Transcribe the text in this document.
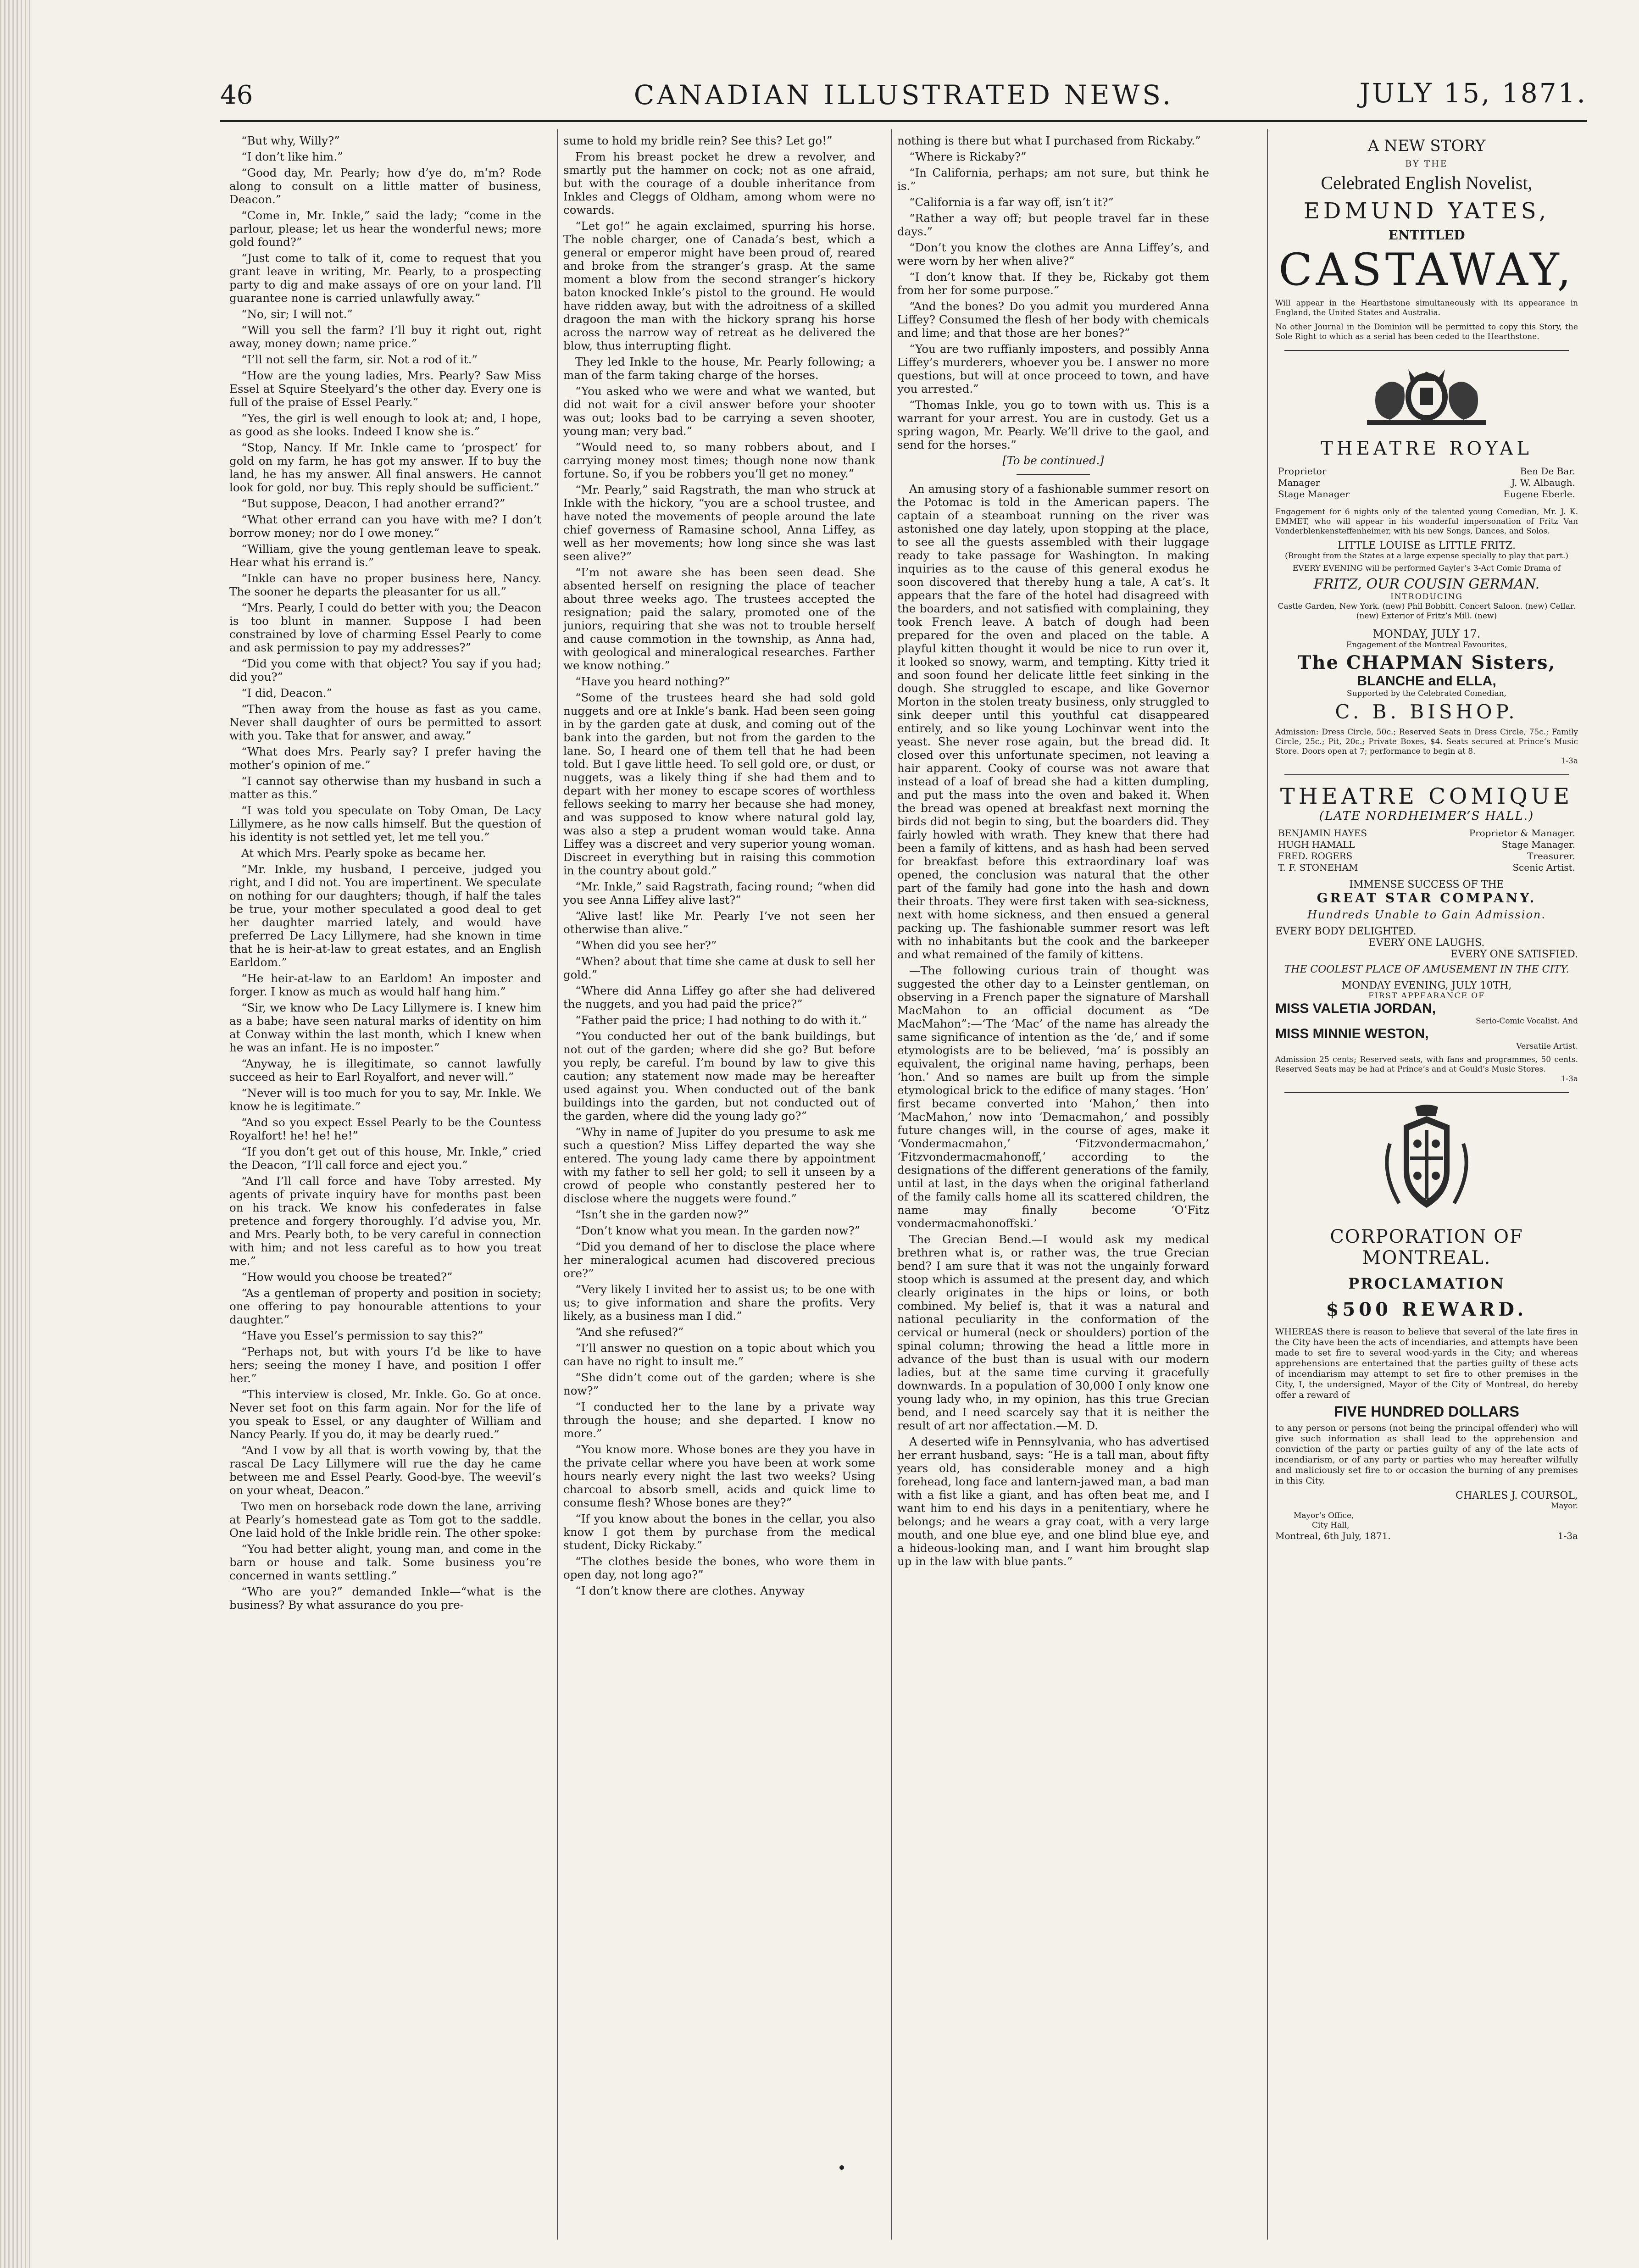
46	CANADIAN ILLUSTRATED NEWS.	JULY 15, 1871.

“But why, Willy?”

“I don’t like him.”

“Good day, Mr. Pearly; how d’ye do, m’m? Rode along to consult on a little matter of business, Deacon.”

“Come in, Mr. Inkle,” said the lady; “come in the parlour, please; let us hear the wonderful news; more gold found?”

“Just come to talk of it, come to request that you grant leave in writing, Mr. Pearly, to a prospecting party to dig and make assays of ore on your land. I’ll guarantee none is carried unlawfully away.”

“No, sir; I will not.”

“Will you sell the farm? I’ll buy it right out, right away, money down; name price.”

“I’ll not sell the farm, sir. Not a rod of it.”

“How are the young ladies, Mrs. Pearly? Saw Miss Essel at Squire Steelyard’s the other day. Every one is full of the praise of Essel Pearly.”

“Yes, the girl is well enough to look at; and, I hope, as good as she looks. Indeed I know she is.”

“Stop, Nancy. If Mr. Inkle came to ‘prospect’ for gold on my farm, he has got my answer. If to buy the land, he has my answer. All final answers. He cannot look for gold, nor buy. This reply should be sufficient.”

“But suppose, Deacon, I had another errand?”

“What other errand can you have with me? I don’t borrow money; nor do I owe money.”

“William, give the young gentleman leave to speak. Hear what his errand is.”

“Inkle can have no proper business here, Nancy. The sooner he departs the pleasanter for us all.”

“Mrs. Pearly, I could do better with you; the Deacon is too blunt in manner. Suppose I had been constrained by love of charming Essel Pearly to come and ask permission to pay my addresses?”

“Did you come with that object? You say if you had; did you?”

“I did, Deacon.”

“Then away from the house as fast as you came. Never shall daughter of ours be permitted to assort with you. Take that for answer, and away.”

“What does Mrs. Pearly say? I prefer having the mother’s opinion of me.”

“I cannot say otherwise than my husband in such a matter as this.”

“I was told you speculate on Toby Oman, De Lacy Lillymere, as he now calls himself. But the question of his identity is not settled yet, let me tell you.”

At which Mrs. Pearly spoke as became her.

“Mr. Inkle, my husband, I perceive, judged you right, and I did not. You are impertinent. We speculate on nothing for our daughters; though, if half the tales be true, your mother speculated a good deal to get her daughter married lately, and would have preferred De Lacy Lillymere, had she known in time that he is heir-at-law to great estates, and an English Earldom.”

“He heir-at-law to an Earldom! An imposter and forger. I know as much as would half hang him.”

“Sir, we know who De Lacy Lillymere is. I knew him as a babe; have seen natural marks of identity on him at Conway within the last month, which I knew when he was an infant. He is no imposter.”

“Anyway, he is illegitimate, so cannot lawfully succeed as heir to Earl Royalfort, and never will.”

“Never will is too much for you to say, Mr. Inkle. We know he is legitimate.”

“And so you expect Essel Pearly to be the Countess Royalfort! he! he! he!”

“If you don’t get out of this house, Mr. Inkle,” cried the Deacon, “I’ll call force and eject you.”

“And I’ll call force and have Toby arrested. My agents of private inquiry have for months past been on his track. We know his confederates in false pretence and forgery thoroughly. I’d advise you, Mr. and Mrs. Pearly both, to be very careful in connection with him; and not less careful as to how you treat me.”

“How would you choose be treated?”

“As a gentleman of property and position in society; one offering to pay honourable attentions to your daughter.”

“Have you Essel’s permission to say this?”

“Perhaps not, but with yours I’d be like to have hers; seeing the money I have, and position I offer her.”

“This interview is closed, Mr. Inkle. Go. Go at once. Never set foot on this farm again. Nor for the life of you speak to Essel, or any daughter of William and Nancy Pearly. If you do, it may be dearly rued.”

“And I vow by all that is worth vowing by, that the rascal De Lacy Lillymere will rue the day he came between me and Essel Pearly. Good-bye. The weevil’s on your wheat, Deacon.”

Two men on horseback rode down the lane, arriving at Pearly’s homestead gate as Tom got to the saddle. One laid hold of the Inkle bridle rein. The other spoke:

“You had better alight, young man, and come in the barn or house and talk. Some business you’re concerned in wants settling.”

“Who are you?” demanded Inkle—“what is the business? By what assurance do you pre-

sume to hold my bridle rein? See this? Let go!”

From his breast pocket he drew a revolver, and smartly put the hammer on cock; not as one afraid, but with the courage of a double inheritance from Inkles and Cleggs of Oldham, among whom were no cowards.

“Let go!” he again exclaimed, spurring his horse. The noble charger, one of Canada’s best, which a general or emperor might have been proud of, reared and broke from the stranger’s grasp. At the same moment a blow from the second stranger’s hickory baton knocked Inkle’s pistol to the ground. He would have ridden away, but with the adroitness of a skilled dragoon the man with the hickory sprang his horse across the narrow way of retreat as he delivered the blow, thus interrupting flight.

They led Inkle to the house, Mr. Pearly following; a man of the farm taking charge of the horses.

“You asked who we were and what we wanted, but did not wait for a civil answer before your shooter was out; looks bad to be carrying a seven shooter, young man; very bad.”

“Would need to, so many robbers about, and I carrying money most times; though none now thank fortune. So, if you be robbers you’ll get no money.”

“Mr. Pearly,” said Ragstrath, the man who struck at Inkle with the hickory, “you are a school trustee, and have noted the movements of people around the late chief governess of Ramasine school, Anna Liffey, as well as her movements; how long since she was last seen alive?”

“I’m not aware she has been seen dead. She absented herself on resigning the place of teacher about three weeks ago. The trustees accepted the resignation; paid the salary, promoted one of the juniors, requiring that she was not to trouble herself and cause commotion in the township, as Anna had, with geological and mineralogical researches. Farther we know nothing.”

“Have you heard nothing?”

“Some of the trustees heard she had sold gold nuggets and ore at Inkle’s bank. Had been seen going in by the garden gate at dusk, and coming out of the bank into the garden, but not from the garden to the lane. So, I heard one of them tell that he had been told. But I gave little heed. To sell gold ore, or dust, or nuggets, was a likely thing if she had them and to depart with her money to escape scores of worthless fellows seeking to marry her because she had money, and was supposed to know where natural gold lay, was also a step a prudent woman would take. Anna Liffey was a discreet and very superior young woman. Discreet in everything but in raising this commotion in the country about gold.”

“Mr. Inkle,” said Ragstrath, facing round; “when did you see Anna Liffey alive last?”

“Alive last! like Mr. Pearly I’ve not seen her otherwise than alive.”

“When did you see her?”

“When? about that time she came at dusk to sell her gold.”

“Where did Anna Liffey go after she had delivered the nuggets, and you had paid the price?”

“Father paid the price; I had nothing to do with it.”

“You conducted her out of the bank buildings, but not out of the garden; where did she go? But before you reply, be careful. I’m bound by law to give this caution; any statement now made may be hereafter used against you. When conducted out of the bank buildings into the garden, but not conducted out of the garden, where did the young lady go?”

“Why in name of Jupiter do you presume to ask me such a question? Miss Liffey departed the way she entered. The young lady came there by appointment with my father to sell her gold; to sell it unseen by a crowd of people who constantly pestered her to disclose where the nuggets were found.”

“Isn’t she in the garden now?”

“Don’t know what you mean. In the garden now?”

“Did you demand of her to disclose the place where her mineralogical acumen had discovered precious ore?”

“Very likely I invited her to assist us; to be one with us; to give information and share the profits. Very likely, as a business man I did.”

“And she refused?”

“I’ll answer no question on a topic about which you can have no right to insult me.”

“She didn’t come out of the garden; where is she now?”

“I conducted her to the lane by a private way through the house; and she departed. I know no more.”

“You know more. Whose bones are they you have in the private cellar where you have been at work some hours nearly every night the last two weeks? Using charcoal to absorb smell, acids and quick lime to consume flesh? Whose bones are they?”

“If you know about the bones in the cellar, you also know I got them by purchase from the medical student, Dicky Rickaby.”

“The clothes beside the bones, who wore them in open day, not long ago?”

“I don’t know there are clothes. Anyway

nothing is there but what I purchased from Rickaby.”

“Where is Rickaby?”

“In California, perhaps; am not sure, but think he is.”

“California is a far way off, isn’t it?”

“Rather a way off; but people travel far in these days.”

“Don’t you know the clothes are Anna Liffey’s, and were worn by her when alive?”

“I don’t know that. If they be, Rickaby got them from her for some purpose.”

“And the bones? Do you admit you murdered Anna Liffey? Consumed the flesh of her body with chemicals and lime; and that those are her bones?”

“You are two ruffianly imposters, and possibly Anna Liffey’s murderers, whoever you be. I answer no more questions, but will at once proceed to town, and have you arrested.”

“Thomas Inkle, you go to town with us. This is a warrant for your arrest. You are in custody. Get us a spring wagon, Mr. Pearly. We’ll drive to the gaol, and send for the horses.”

[To be continued.]

An amusing story of a fashionable summer resort on the Potomac is told in the American papers. The captain of a steamboat running on the river was astonished one day lately, upon stopping at the place, to see all the guests assembled with their luggage ready to take passage for Washington. In making inquiries as to the cause of this general exodus he soon discovered that thereby hung a tale, A cat’s. It appears that the fare of the hotel had disagreed with the boarders, and not satisfied with complaining, they took French leave. A batch of dough had been prepared for the oven and placed on the table. A playful kitten thought it would be nice to run over it, it looked so snowy, warm, and tempting. Kitty tried it and soon found her delicate little feet sinking in the dough. She struggled to escape, and like Governor Morton in the stolen treaty business, only struggled to sink deeper until this youthful cat disappeared entirely, and so like young Lochinvar went into the yeast. She never rose again, but the bread did. It closed over this unfortunate specimen, not leaving a hair apparent. Cooky of course was not aware that instead of a loaf of bread she had a kitten dumpling, and put the mass into the oven and baked it. When the bread was opened at breakfast next morning the birds did not begin to sing, but the boarders did. They fairly howled with wrath. They knew that there had been a family of kittens, and as hash had been served for breakfast before this extraordinary loaf was opened, the conclusion was natural that the other part of the family had gone into the hash and down their throats. They were first taken with sea-sickness, next with home sickness, and then ensued a general packing up. The fashionable summer resort was left with no inhabitants but the cook and the barkeeper and what remained of the family of kittens.

—The following curious train of thought was suggested the other day to a Leinster gentleman, on observing in a French paper the signature of Marshall MacMahon to an official document as “De MacMahon”:—‘The ‘Mac’ of the name has already the same significance of intention as the ‘de,’ and if some etymologists are to be believed, ‘ma’ is possibly an equivalent, the original name having, perhaps, been ‘hon.’ And so names are built up from the simple etymological brick to the edifice of many stages. ‘Hon’ first became converted into ‘Mahon,’ then into ‘MacMahon,’ now into ‘Demacmahon,’ and possibly future changes will, in the course of ages, make it ‘Vondermacmahon,’ ‘Fitzvondermacmahon,’ ‘Fitzvondermacmahonoff,’ according to the designations of the different generations of the family, until at last, in the days when the original fatherland of the family calls home all its scattered children, the name may finally become ‘O’Fitz vondermacmahonoffski.’

The Grecian Bend.—I would ask my medical brethren what is, or rather was, the true Grecian bend? I am sure that it was not the ungainly forward stoop which is assumed at the present day, and which clearly originates in the hips or loins, or both combined. My belief is, that it was a natural and national peculiarity in the conformation of the cervical or humeral (neck or shoulders) portion of the spinal column; throwing the head a little more in advance of the bust than is usual with our modern ladies, but at the same time curving it gracefully downwards. In a population of 30,000 I only know one young lady who, in my opinion, has this true Grecian bend, and I need scarcely say that it is neither the result of art nor affectation.—M. D.

A deserted wife in Pennsylvania, who has advertised her errant husband, says: “He is a tall man, about fifty years old, has considerable money and a high forehead, long face and lantern-jawed man, a bad man with a fist like a giant, and has often beat me, and I want him to end his days in a penitentiary, where he belongs; and he wears a gray coat, with a very large mouth, and one blue eye, and one blind blue eye, and a hideous-looking man, and I want him brought slap up in the law with blue pants.”

A NEW STORY

BY THE

Celebrated English Novelist,

EDMUND YATES,

ENTITLED

CASTAWAY,

Will appear in the Hearthstone simultaneously with its appearance in England, the United States and Australia.

No other Journal in the Dominion will be permitted to copy this Story, the Sole Right to which as a serial has been ceded to the Hearthstone.

THEATRE ROYAL

Proprietor	Ben De Bar.
Manager	J. W. Albaugh.
Stage Manager	Eugene Eberle.

Engagement for 6 nights only of the talented young Comedian, Mr. J. K. EMMET, who will appear in his wonderful impersonation of Fritz Van Vonderblenkensteffenheimer, with his new Songs, Dances, and Solos.

LITTLE LOUISE as LITTLE FRITZ.

(Brought from the States at a large expense specially to play that part.)

EVERY EVENING will be performed Gayler’s 3-Act Comic Drama of

FRITZ, OUR COUSIN GERMAN.

INTRODUCING

Castle Garden, New York. (new) Phil Bobbitt. Concert Saloon. (new) Cellar. (new) Exterior of Fritz’s Mill. (new)

MONDAY, JULY 17.

Engagement of the Montreal Favourites,

The CHAPMAN Sisters,

BLANCHE and ELLA,

Supported by the Celebrated Comedian,

C. B. BISHOP.

Admission: Dress Circle, 50c.; Reserved Seats in Dress Circle, 75c.; Family Circle, 25c.; Pit, 20c.; Private Boxes, $4. Seats secured at Prince’s Music Store. Doors open at 7; performance to begin at 8.

1-3a

THEATRE COMIQUE

(LATE NORDHEIMER’S HALL.)

BENJAMIN HAYES	Proprietor & Manager.
HUGH HAMALL	Stage Manager.
FRED. ROGERS	Treasurer.
T. F. STONEHAM	Scenic Artist.

IMMENSE SUCCESS OF THE

GREAT STAR COMPANY.

Hundreds Unable to Gain Admission.

EVERY BODY DELIGHTED.

EVERY ONE LAUGHS.

EVERY ONE SATISFIED.

THE COOLEST PLACE OF AMUSEMENT IN THE CITY.

MONDAY EVENING, JULY 10TH,

FIRST APPEARANCE OF

MISS VALETIA JORDAN,

Serio-Comic Vocalist. And

MISS MINNIE WESTON,

Versatile Artist.

Admission 25 cents; Reserved seats, with fans and programmes, 50 cents. Reserved Seats may be had at Prince’s and at Gould’s Music Stores.

1-3a

CORPORATION OF MONTREAL.

PROCLAMATION

$500 REWARD.

WHEREAS there is reason to believe that several of the late fires in the City have been the acts of incendiaries, and attempts have been made to set fire to several wood-yards in the City; and whereas apprehensions are entertained that the parties guilty of these acts of incendiarism may attempt to set fire to other premises in the City, I, the undersigned, Mayor of the City of Montreal, do hereby offer a reward of

FIVE HUNDRED DOLLARS

to any person or persons (not being the principal offender) who will give such information as shall lead to the apprehension and conviction of the party or parties guilty of any of the late acts of incendiarism, or of any party or parties who may hereafter wilfully and maliciously set fire to or occasion the burning of any premises in this City.

CHARLES J. COURSOL,

Mayor.

Mayor’s Office,

City Hall,

Montreal, 6th July, 1871.	1-3a
